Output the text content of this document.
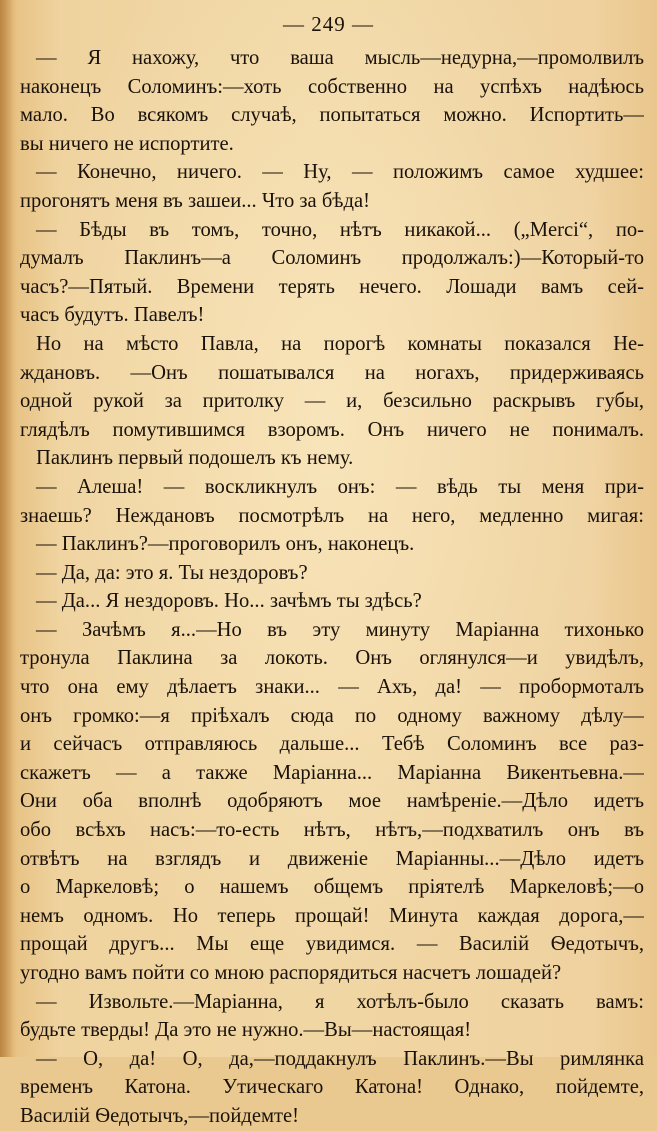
— 249 —
— Я нахожу, что ваша мысль—недурна,—промолвилъ
наконецъ Соломинъ:—хоть собственно на успѣхъ надѣюсь
мало. Во всякомъ случаѣ, попытаться можно. Испортить—
вы ничего не испортите.
— Конечно, ничего. — Ну, — положимъ самое худшее:
прогонятъ меня въ зашеи... Что за бѣда!
— Бѣды въ томъ, точно, нѣтъ никакой... („Merci“, по-
думалъ Паклинъ—а Соломинъ продолжалъ:)—Который-то
часъ?—Пятый. Времени терять нечего. Лошади вамъ сей-
часъ будутъ. Павелъ!
Но на мѣсто Павла, на порогѣ комнаты показался Не-
ждановъ. —Онъ пошатывался на ногахъ, придерживаясь
одной рукой за притолку — и, безсильно раскрывъ губы,
глядѣлъ помутившимся взоромъ. Онъ ничего не понималъ.
Паклинъ первый подошелъ къ нему.
— Алеша! — воскликнулъ онъ: — вѣдь ты меня при-
знаешь? Неждановъ посмотрѣлъ на него, медленно мигая:
— Паклинъ?—проговорилъ онъ, наконецъ.
— Да, да: это я. Ты нездоровъ?
— Да... Я нездоровъ. Но... зачѣмъ ты здѣсь?
— Зачѣмъ я...—Но въ эту минуту Маріанна тихонько
тронула Паклина за локоть. Онъ оглянулся—и увидѣлъ,
что она ему дѣлаетъ знаки... — Ахъ, да! — пробормоталъ
онъ громко:—я пріѣхалъ сюда по одному важному дѣлу—
и сейчасъ отправляюсь дальше... Тебѣ Соломинъ все раз-
скажетъ — а также Маріанна... Маріанна Викентьевна.—
Они оба вполнѣ одобряютъ мое намѣреніе.—Дѣло идетъ
обо всѣхъ насъ:—то-есть нѣтъ, нѣтъ,—подхватилъ онъ въ
отвѣтъ на взглядъ и движеніе Маріанны...—Дѣло идетъ
о Маркеловѣ; о нашемъ общемъ пріятелѣ Маркеловѣ;—о
немъ одномъ. Но теперь прощай! Минута каждая дорога,—
прощай другъ... Мы еще увидимся. — Василій Ѳедотычъ,
угодно вамъ пойти со мною распорядиться насчетъ лошадей?
— Извольте.—Маріанна, я хотѣлъ-было сказать вамъ:
будьте тверды! Да это не нужно.—Вы—настоящая!
— О, да! О, да,—поддакнулъ Паклинъ.—Вы римлянка
временъ Катона. Утическаго Катона! Однако, пойдемте,
Василій Ѳедотычъ,—пойдемте!
